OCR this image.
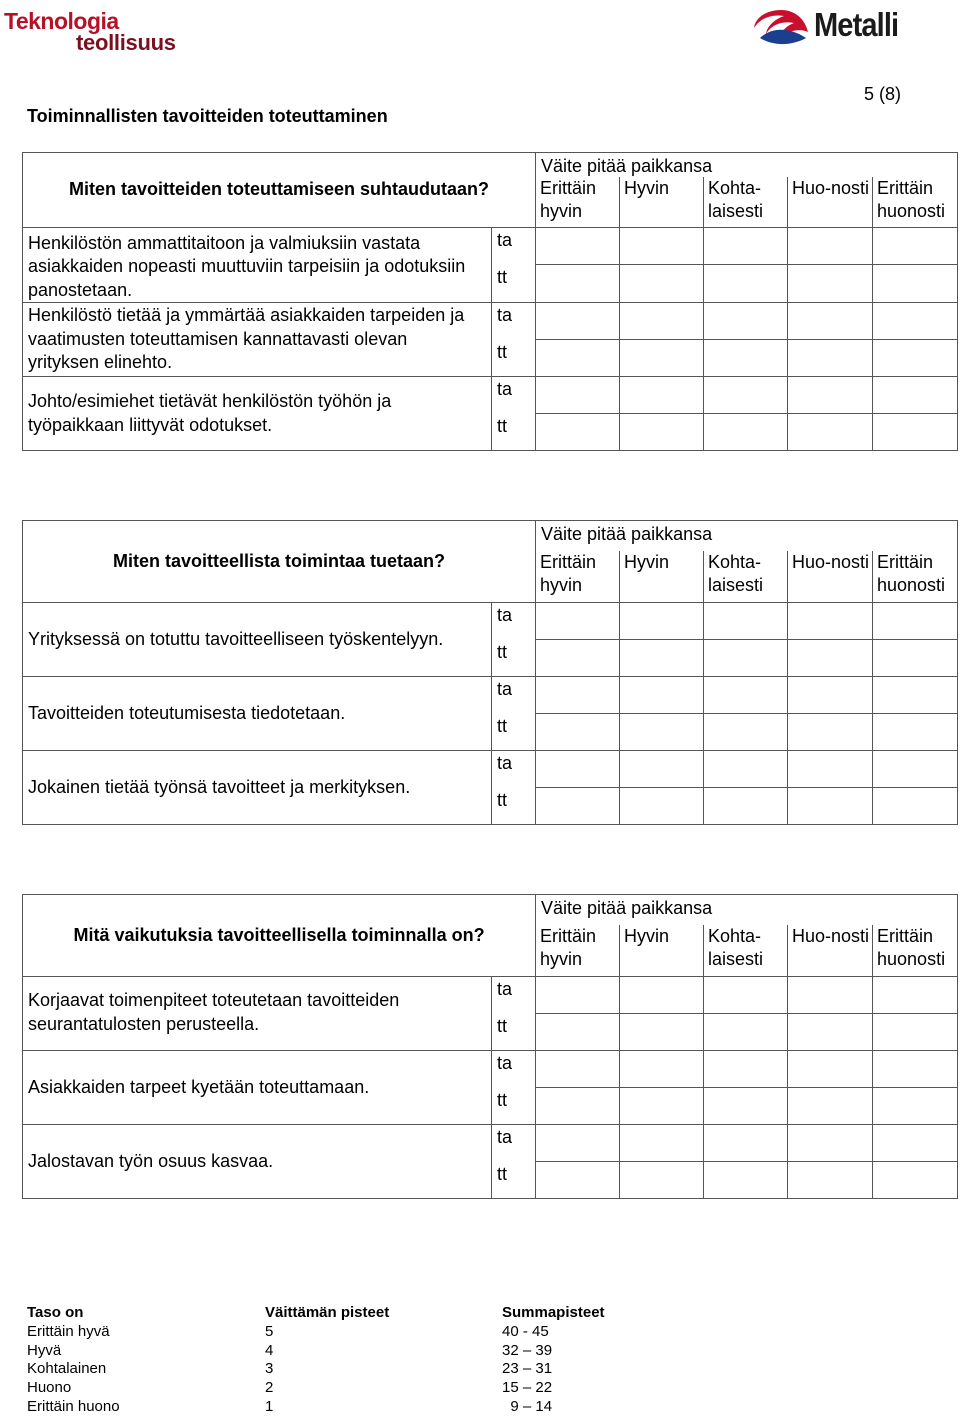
Teknologia
teollisuus	Metalli
5 (8)
Toiminnallisten tavoitteiden toteuttaminen
Miten tavoitteiden toteuttamiseen suhtaudutaan?		Väite pitää paikkansa				
		Erittäin hyvin	Hyvin	Kohta-laisesti	Huo-nosti	Erittäin huonosti
Henkilöstön ammattitaitoon ja valmiuksiin vastata asiakkaiden nopeasti muuttuviin tarpeisiin ja odotuksiin panostetaan.	ta					
	tt					
Henkilöstö tietää ja ymmärtää asiakkaiden tarpeiden ja vaatimusten toteuttamisen kannattavasti olevan yrityksen elinehto.	ta					
	tt					
Johto/esimiehet tietävät henkilöstön työhön ja työpaikkaan liittyvät odotukset.	ta					
	tt					
Miten tavoitteellista toimintaa tuetaan?		Väite pitää paikkansa				
		Erittäin hyvin	Hyvin	Kohta-laisesti	Huo-nosti	Erittäin huonosti
Yrityksessä on totuttu tavoitteelliseen työskentelyyn.	ta					
	tt					
Tavoitteiden toteutumisesta tiedotetaan.	ta					
	tt					
Jokainen tietää työnsä tavoitteet ja merkityksen.	ta					
	tt					
Mitä vaikutuksia tavoitteellisella toiminnalla on?		Väite pitää paikkansa				
		Erittäin hyvin	Hyvin	Kohta-laisesti	Huo-nosti	Erittäin huonosti
Korjaavat toimenpiteet toteutetaan tavoitteiden seurantatulosten perusteella.	ta					
	tt					
Asiakkaiden tarpeet kyetään toteuttamaan.	ta					
	tt					
Jalostavan työn osuus kasvaa.	ta					
	tt					
Taso on	Väittämän pisteet	Summapisteet
Erittäin hyvä	5	40 - 45
Hyvä	4	32 – 39
Kohtalainen	3	23 – 31
Huono	2	15 – 22
Erittäin huono	1	9 – 14
